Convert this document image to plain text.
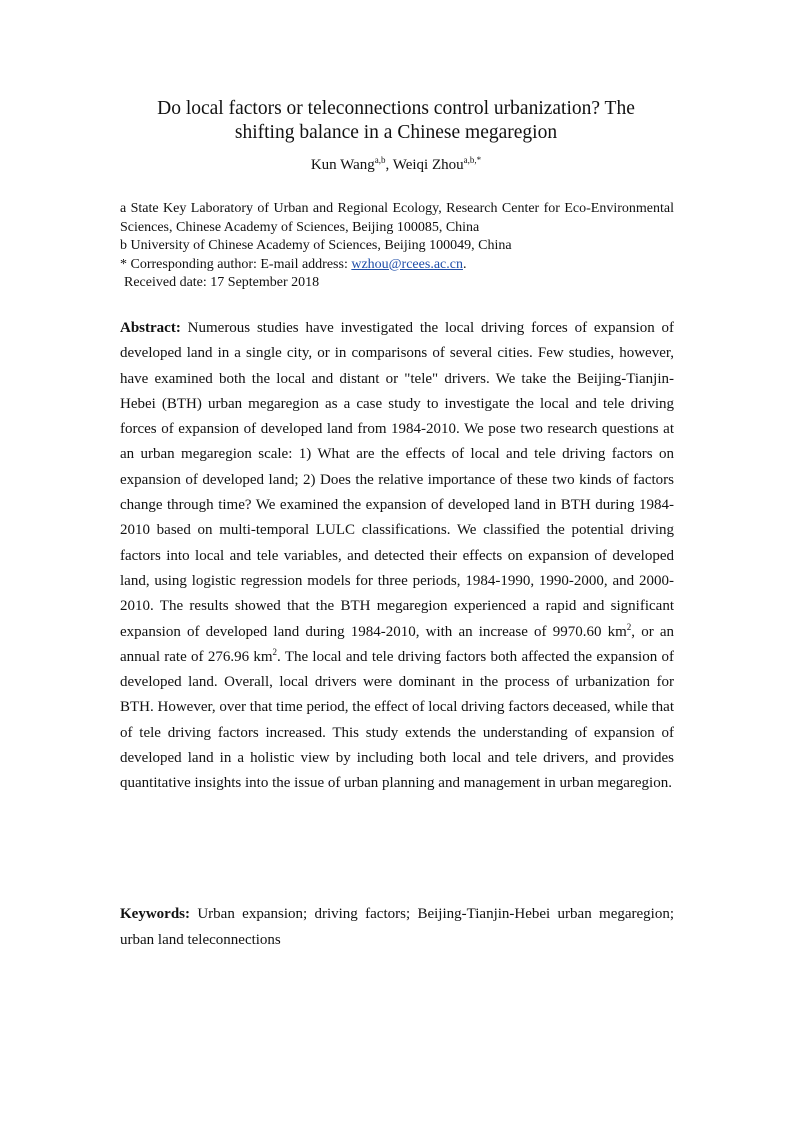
Do local factors or teleconnections control urbanization? The
shifting balance in a Chinese megaregion
Kun Wang$^{a,b}$, Weiqi Zhou$^{a,b,*}$
a State Key Laboratory of Urban and Regional Ecology, Research Center for Eco-Environmental Sciences, Chinese Academy of Sciences, Beijing 100085, China
b University of Chinese Academy of Sciences, Beijing 100049, China
* Corresponding author: E-mail address: wzhou@rcees.ac.cn.
Received date: 17 September 2018
Abstract: Numerous studies have investigated the local driving forces of expansion of developed land in a single city, or in comparisons of several cities. Few studies, however, have examined both the local and distant or "tele" drivers. We take the Beijing-Tianjin-Hebei (BTH) urban megaregion as a case study to investigate the local and tele driving forces of expansion of developed land from 1984-2010. We pose two research questions at an urban megaregion scale: 1) What are the effects of local and tele driving factors on expansion of developed land; 2) Does the relative importance of these two kinds of factors change through time? We examined the expansion of developed land in BTH during 1984-2010 based on multi-temporal LULC classifications. We classified the potential driving factors into local and tele variables, and detected their effects on expansion of developed land, using logistic regression models for three periods, 1984-1990, 1990-2000, and 2000-2010. The results showed that the BTH megaregion experienced a rapid and significant expansion of developed land during 1984-2010, with an increase of 9970.60 $km^2$, or an annual rate of 276.96 $km^2$. The local and tele driving factors both affected the expansion of developed land. Overall, local drivers were dominant in the process of urbanization for BTH. However, over that time period, the effect of local driving factors deceased, while that of tele driving factors increased. This study extends the understanding of expansion of developed land in a holistic view by including both local and tele drivers, and provides quantitative insights into the issue of urban planning and management in urban megaregion.
Keywords: Urban expansion; driving factors; Beijing-Tianjin-Hebei urban megaregion; urban land teleconnections
